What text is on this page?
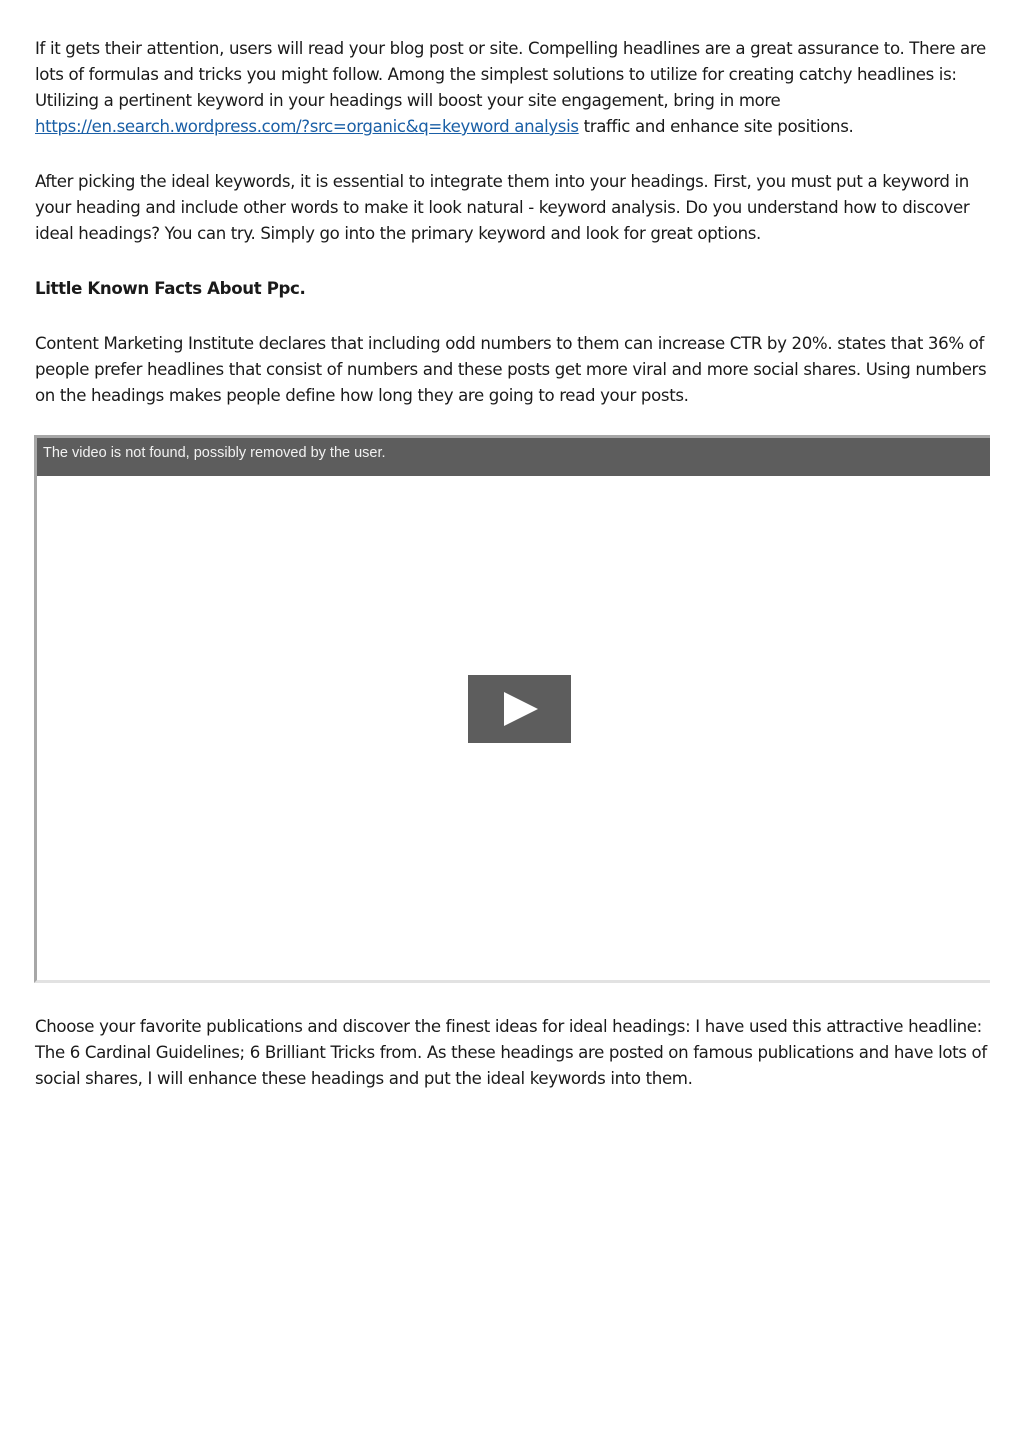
If it gets their attention, users will read your blog post or site. Compelling headlines are a great assurance to. There are lots of formulas and tricks you might follow. Among the simplest solutions to utilize for creating catchy headlines is: Utilizing a pertinent keyword in your headings will boost your site engagement, bring in more https://en.search.wordpress.com/?src=organic&q=keyword analysis traffic and enhance site positions.

After picking the ideal keywords, it is essential to integrate them into your headings. First, you must put a keyword in your heading and include other words to make it look natural - keyword analysis. Do you understand how to discover ideal headings? You can try. Simply go into the primary keyword and look for great options.

Little Known Facts About Ppc.

Content Marketing Institute declares that including odd numbers to them can increase CTR by 20%. states that 36% of people prefer headlines that consist of numbers and these posts get more viral and more social shares. Using numbers on the headings makes people define how long they are going to read your posts.

The video is not found, possibly removed by the user.

Choose your favorite publications and discover the finest ideas for ideal headings: I have used this attractive headline: The 6 Cardinal Guidelines; 6 Brilliant Tricks from. As these headings are posted on famous publications and have lots of social shares, I will enhance these headings and put the ideal keywords into them.
